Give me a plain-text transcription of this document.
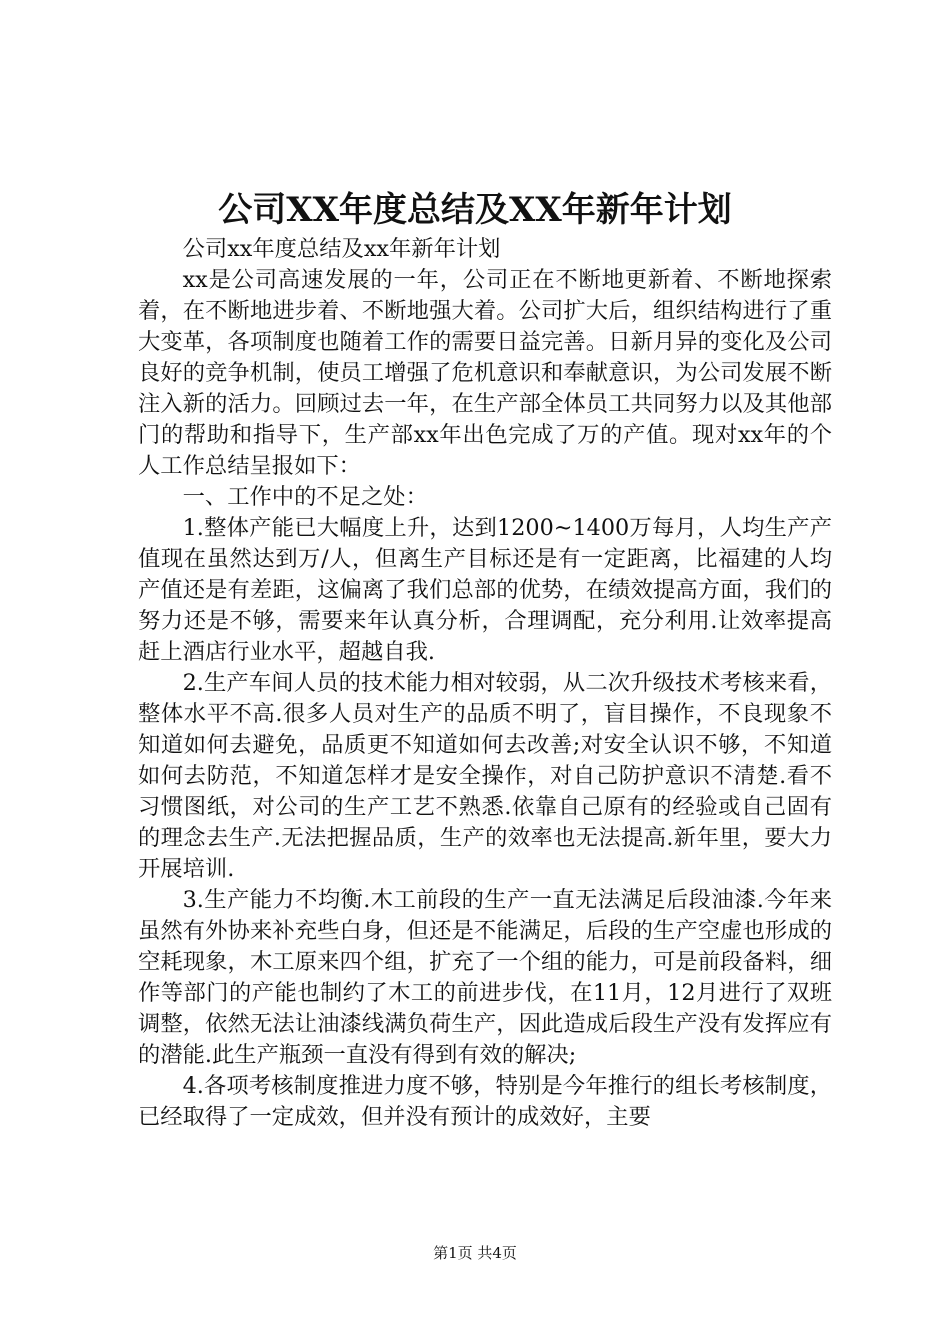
公司XX年度总结及XX年新年计划

公司xx年度总结及xx年新年计划

xx是公司高速发展的一年，公司正在不断地更新着、不断地探索着，在不断地进步着、不断地强大着。公司扩大后，组织结构进行了重大变革，各项制度也随着工作的需要日益完善。日新月异的变化及公司良好的竞争机制，使员工增强了危机意识和奉献意识，为公司发展不断注入新的活力。回顾过去一年，在生产部全体员工共同努力以及其他部门的帮助和指导下，生产部xx年出色完成了万的产值。现对xx年的个人工作总结呈报如下：

一、工作中的不足之处：

1.整体产能已大幅度上升，达到1200~1400万每月，人均生产产值现在虽然达到万/人，但离生产目标还是有一定距离，比福建的人均产值还是有差距，这偏离了我们总部的优势，在绩效提高方面，我们的努力还是不够，需要来年认真分析，合理调配，充分利用.让效率提高赶上酒店行业水平，超越自我.

2.生产车间人员的技术能力相对较弱，从二次升级技术考核来看，整体水平不高.很多人员对生产的品质不明了，盲目操作，不良现象不知道如何去避免，品质更不知道如何去改善;对安全认识不够，不知道如何去防范，不知道怎样才是安全操作，对自己防护意识不清楚.看不习惯图纸，对公司的生产工艺不熟悉.依靠自己原有的经验或自己固有的理念去生产.无法把握品质，生产的效率也无法提高.新年里，要大力开展培训.

3.生产能力不均衡.木工前段的生产一直无法满足后段油漆.今年来虽然有外协来补充些白身，但还是不能满足，后段的生产空虚也形成的空耗现象，木工原来四个组，扩充了一个组的能力，可是前段备料，细作等部门的产能也制约了木工的前进步伐，在11月，12月进行了双班调整，依然无法让油漆线满负荷生产，因此造成后段生产没有发挥应有的潜能.此生产瓶颈一直没有得到有效的解决;

4.各项考核制度推进力度不够，特别是今年推行的组长考核制度，已经取得了一定成效，但并没有预计的成效好，主要

第1页 共4页
